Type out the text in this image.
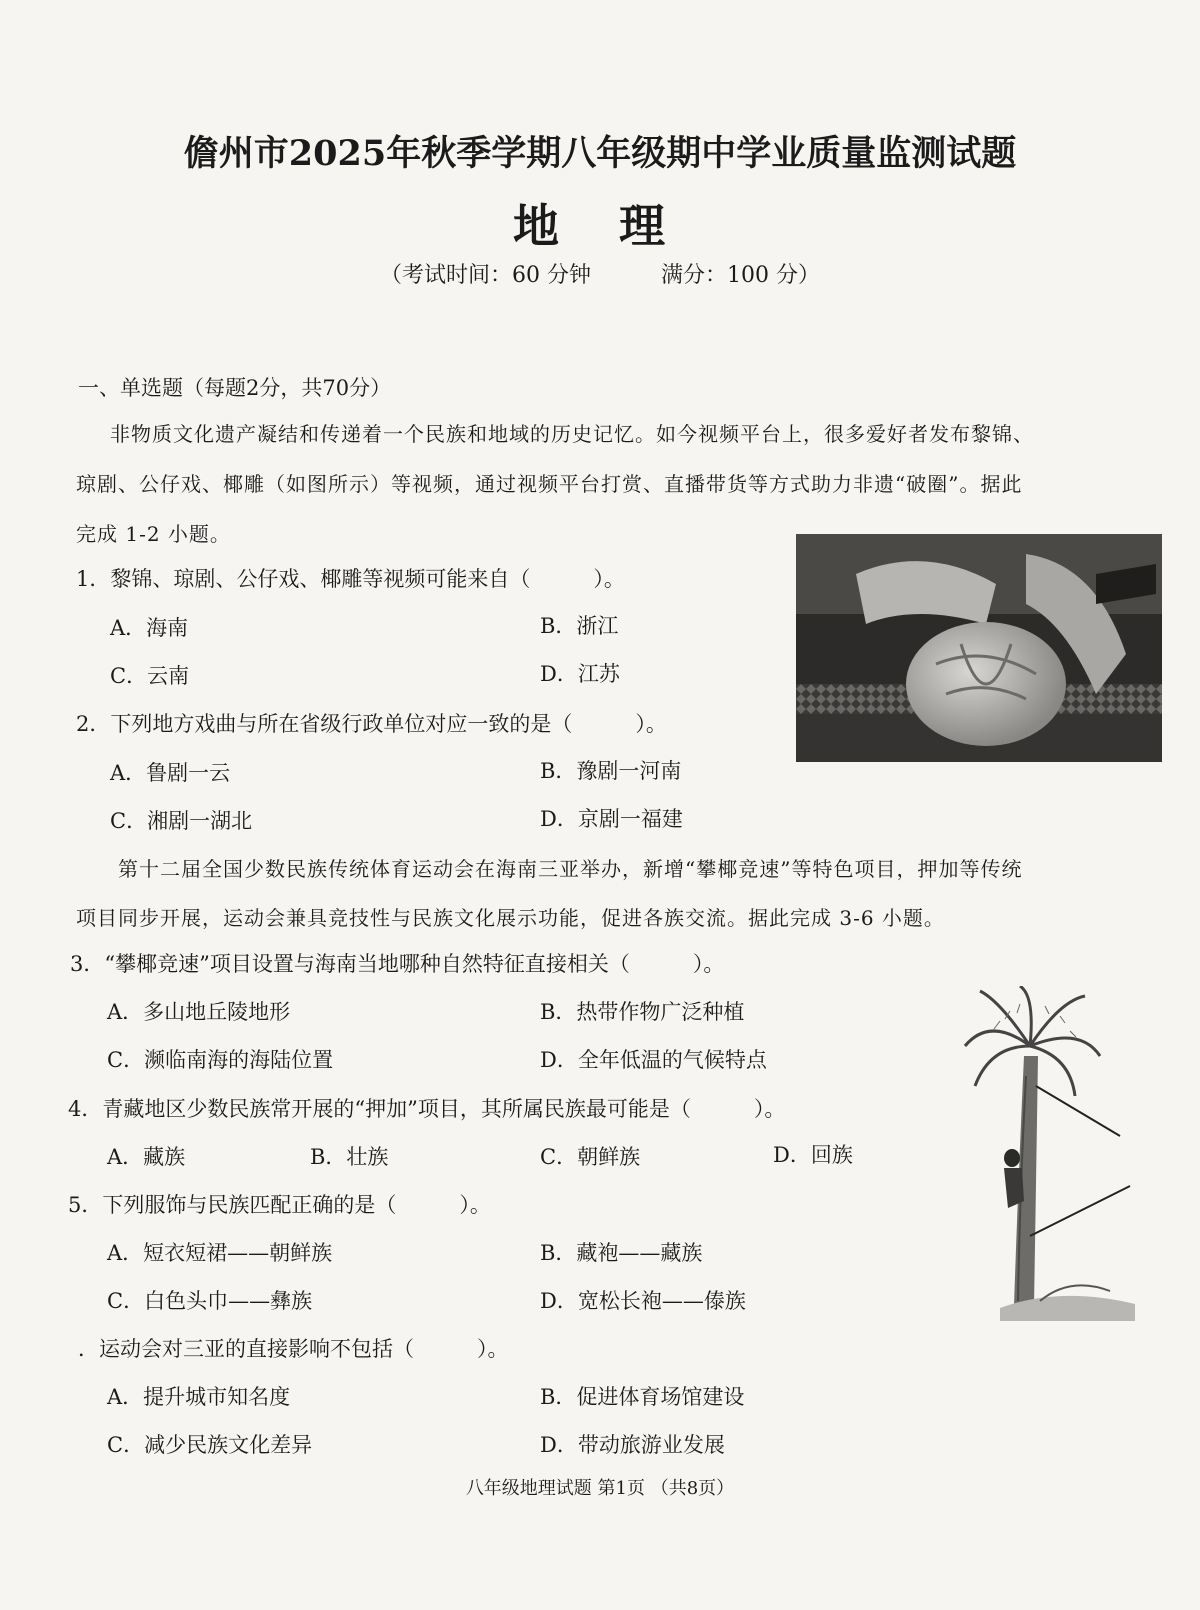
儋州市2025年秋季学期八年级期中学业质量监测试题
地 理
（考试时间：60 分钟	满分：100 分）
一、单选题（每题2分，共70分）
非物质文化遗产凝结和传递着一个民族和地域的历史记忆。如今视频平台上，很多爱好者发布黎锦、
琼剧、公仔戏、椰雕（如图所示）等视频，通过视频平台打赏、直播带货等方式助力非遗“破圈”。据此
完成 1-2 小题。
1．黎锦、琼剧、公仔戏、椰雕等视频可能来自（　　　）。
A．海南	B．浙江
C．云南	D．江苏
2．下列地方戏曲与所在省级行政单位对应一致的是（　　　）。
A．鲁剧一云	B．豫剧一河南
C．湘剧一湖北	D．京剧一福建
第十二届全国少数民族传统体育运动会在海南三亚举办，新增“攀椰竞速”等特色项目，押加等传统
项目同步开展，运动会兼具竞技性与民族文化展示功能，促进各族交流。据此完成 3-6 小题。
3．“攀椰竞速”项目设置与海南当地哪种自然特征直接相关（　　　）。
A．多山地丘陵地形	B．热带作物广泛种植
C．濒临南海的海陆位置	D．全年低温的气候特点
4．青藏地区少数民族常开展的“押加”项目，其所属民族最可能是（　　　）。
A．藏族	B．壮族	C．朝鲜族	D．回族
5．下列服饰与民族匹配正确的是（　　　）。
A．短衣短裙——朝鲜族	B．藏袍——藏族
C．白色头巾——彝族	D．宽松长袍——傣族
．运动会对三亚的直接影响不包括（　　　）。
A．提升城市知名度	B．促进体育场馆建设
C．减少民族文化差异	D．带动旅游业发展
八年级地理试题 第1页 （共8页）
